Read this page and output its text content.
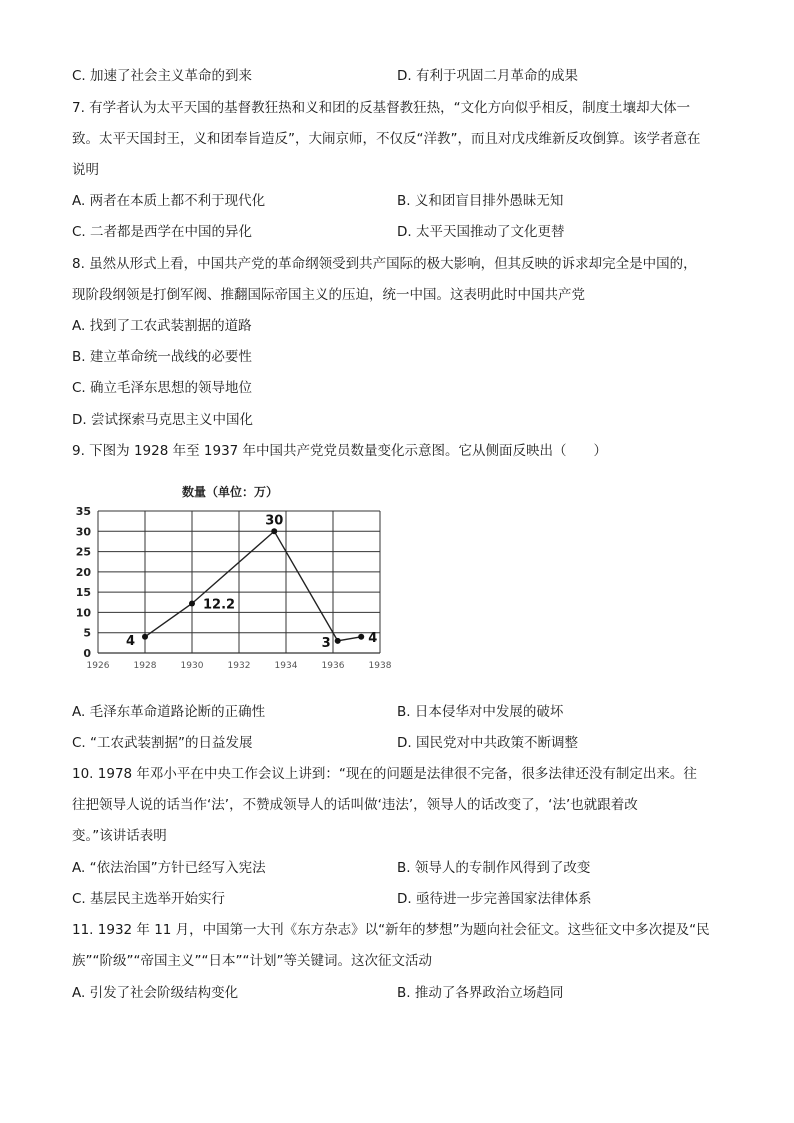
C. 加速了社会主义革命的到来	D. 有利于巩固二月革命的成果
7. 有学者认为太平天国的基督教狂热和义和团的反基督教狂热，“文化方向似乎相反，制度土壤却大体一
致。太平天国封王，义和团奉旨造反”，大闹京师，不仅反“洋教”，而且对戊戌维新反攻倒算。该学者意在
说明
A. 两者在本质上都不利于现代化	B. 义和团盲目排外愚昧无知
C. 二者都是西学在中国的异化	D. 太平天国推动了文化更替
8. 虽然从形式上看，中国共产党的革命纲领受到共产国际的极大影响，但其反映的诉求却完全是中国的，
现阶段纲领是打倒军阀、推翻国际帝国主义的压迫，统一中国。这表明此时中国共产党
A. 找到了工农武装割据的道路
B. 建立革命统一战线的必要性
C. 确立毛泽东思想的领导地位
D. 尝试探索马克思主义中国化
9. 下图为 1928 年至 1937 年中国共产党党员数量变化示意图。它从侧面反映出（　　）
数量（单位：万）
0
5
10
15
20
25
30
35
1926	1928	1930	1932	1934	1936	1938
4
12.2
30
3	4
A. 毛泽东革命道路论断的正确性	B. 日本侵华对中发展的破坏
C. “工农武装割据”的日益发展	D. 国民党对中共政策不断调整
10. 1978 年邓小平在中央工作会议上讲到：“现在的问题是法律很不完备，很多法律还没有制定出来。往
往把领导人说的话当作‘法’，不赞成领导人的话叫做‘违法’，领导人的话改变了，‘法’也就跟着改
变。”该讲话表明
A. “依法治国”方针已经写入宪法	B. 领导人的专制作风得到了改变
C. 基层民主选举开始实行	D. 亟待进一步完善国家法律体系
11. 1932 年 11 月，中国第一大刊《东方杂志》以“新年的梦想”为题向社会征文。这些征文中多次提及“民
族”“阶级”“帝国主义”“日本”“计划”等关键词。这次征文活动
A. 引发了社会阶级结构变化	B. 推动了各界政治立场趋同
